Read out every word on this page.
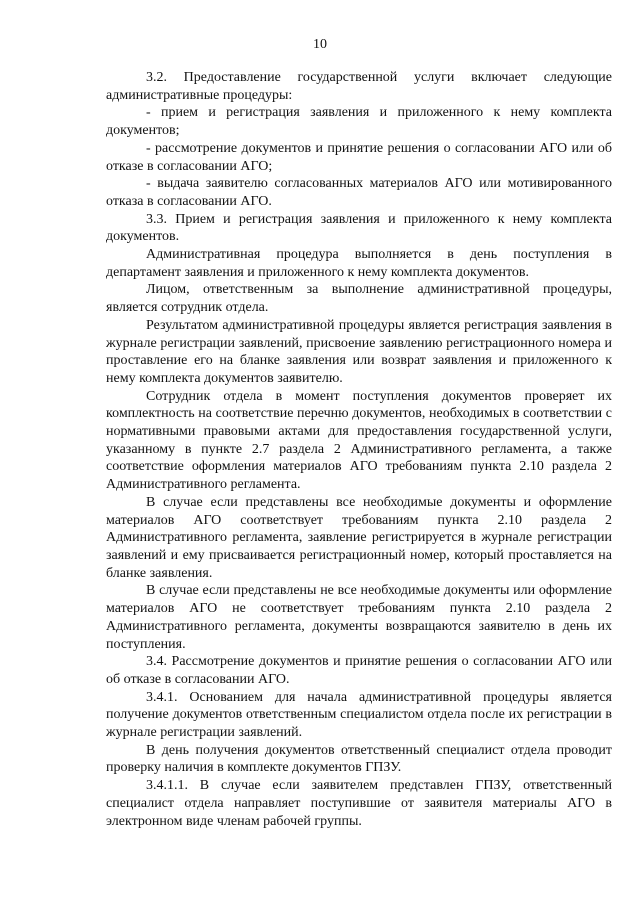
10

3.2. Предоставление государственной услуги включает следующие административные процедуры:

- прием и регистрация заявления и приложенного к нему комплекта документов;

- рассмотрение документов и принятие решения о согласовании АГО или об отказе в согласовании АГО;

- выдача заявителю согласованных материалов АГО или мотивированного отказа в согласовании АГО.

3.3. Прием и регистрация заявления и приложенного к нему комплекта документов.

Административная процедура выполняется в день поступления в департамент заявления и приложенного к нему комплекта документов.

Лицом, ответственным за выполнение административной процедуры, является сотрудник отдела.

Результатом административной процедуры является регистрация заявления в журнале регистрации заявлений, присвоение заявлению регистрационного номера и проставление его на бланке заявления или возврат заявления и приложенного к нему комплекта документов заявителю.

Сотрудник отдела в момент поступления документов проверяет их комплектность на соответствие перечню документов, необходимых в соответствии с нормативными правовыми актами для предоставления государственной услуги, указанному в пункте 2.7 раздела 2 Административного регламента, а также соответствие оформления материалов АГО требованиям пункта 2.10 раздела 2 Административного регламента.

В случае если представлены все необходимые документы и оформление материалов АГО соответствует требованиям пункта 2.10 раздела 2 Административного регламента, заявление регистрируется в журнале регистрации заявлений и ему присваивается регистрационный номер, который проставляется на бланке заявления.

В случае если представлены не все необходимые документы или оформление материалов АГО не соответствует требованиям пункта 2.10 раздела 2 Административного регламента, документы возвращаются заявителю в день их поступления.

3.4. Рассмотрение документов и принятие решения о согласовании АГО или об отказе в согласовании АГО.

3.4.1. Основанием для начала административной процедуры является получение документов ответственным специалистом отдела после их регистрации в журнале регистрации заявлений.

В день получения документов ответственный специалист отдела проводит проверку наличия в комплекте документов ГПЗУ.

3.4.1.1. В случае если заявителем представлен ГПЗУ, ответственный специалист отдела направляет поступившие от заявителя материалы АГО в электронном виде членам рабочей группы.
